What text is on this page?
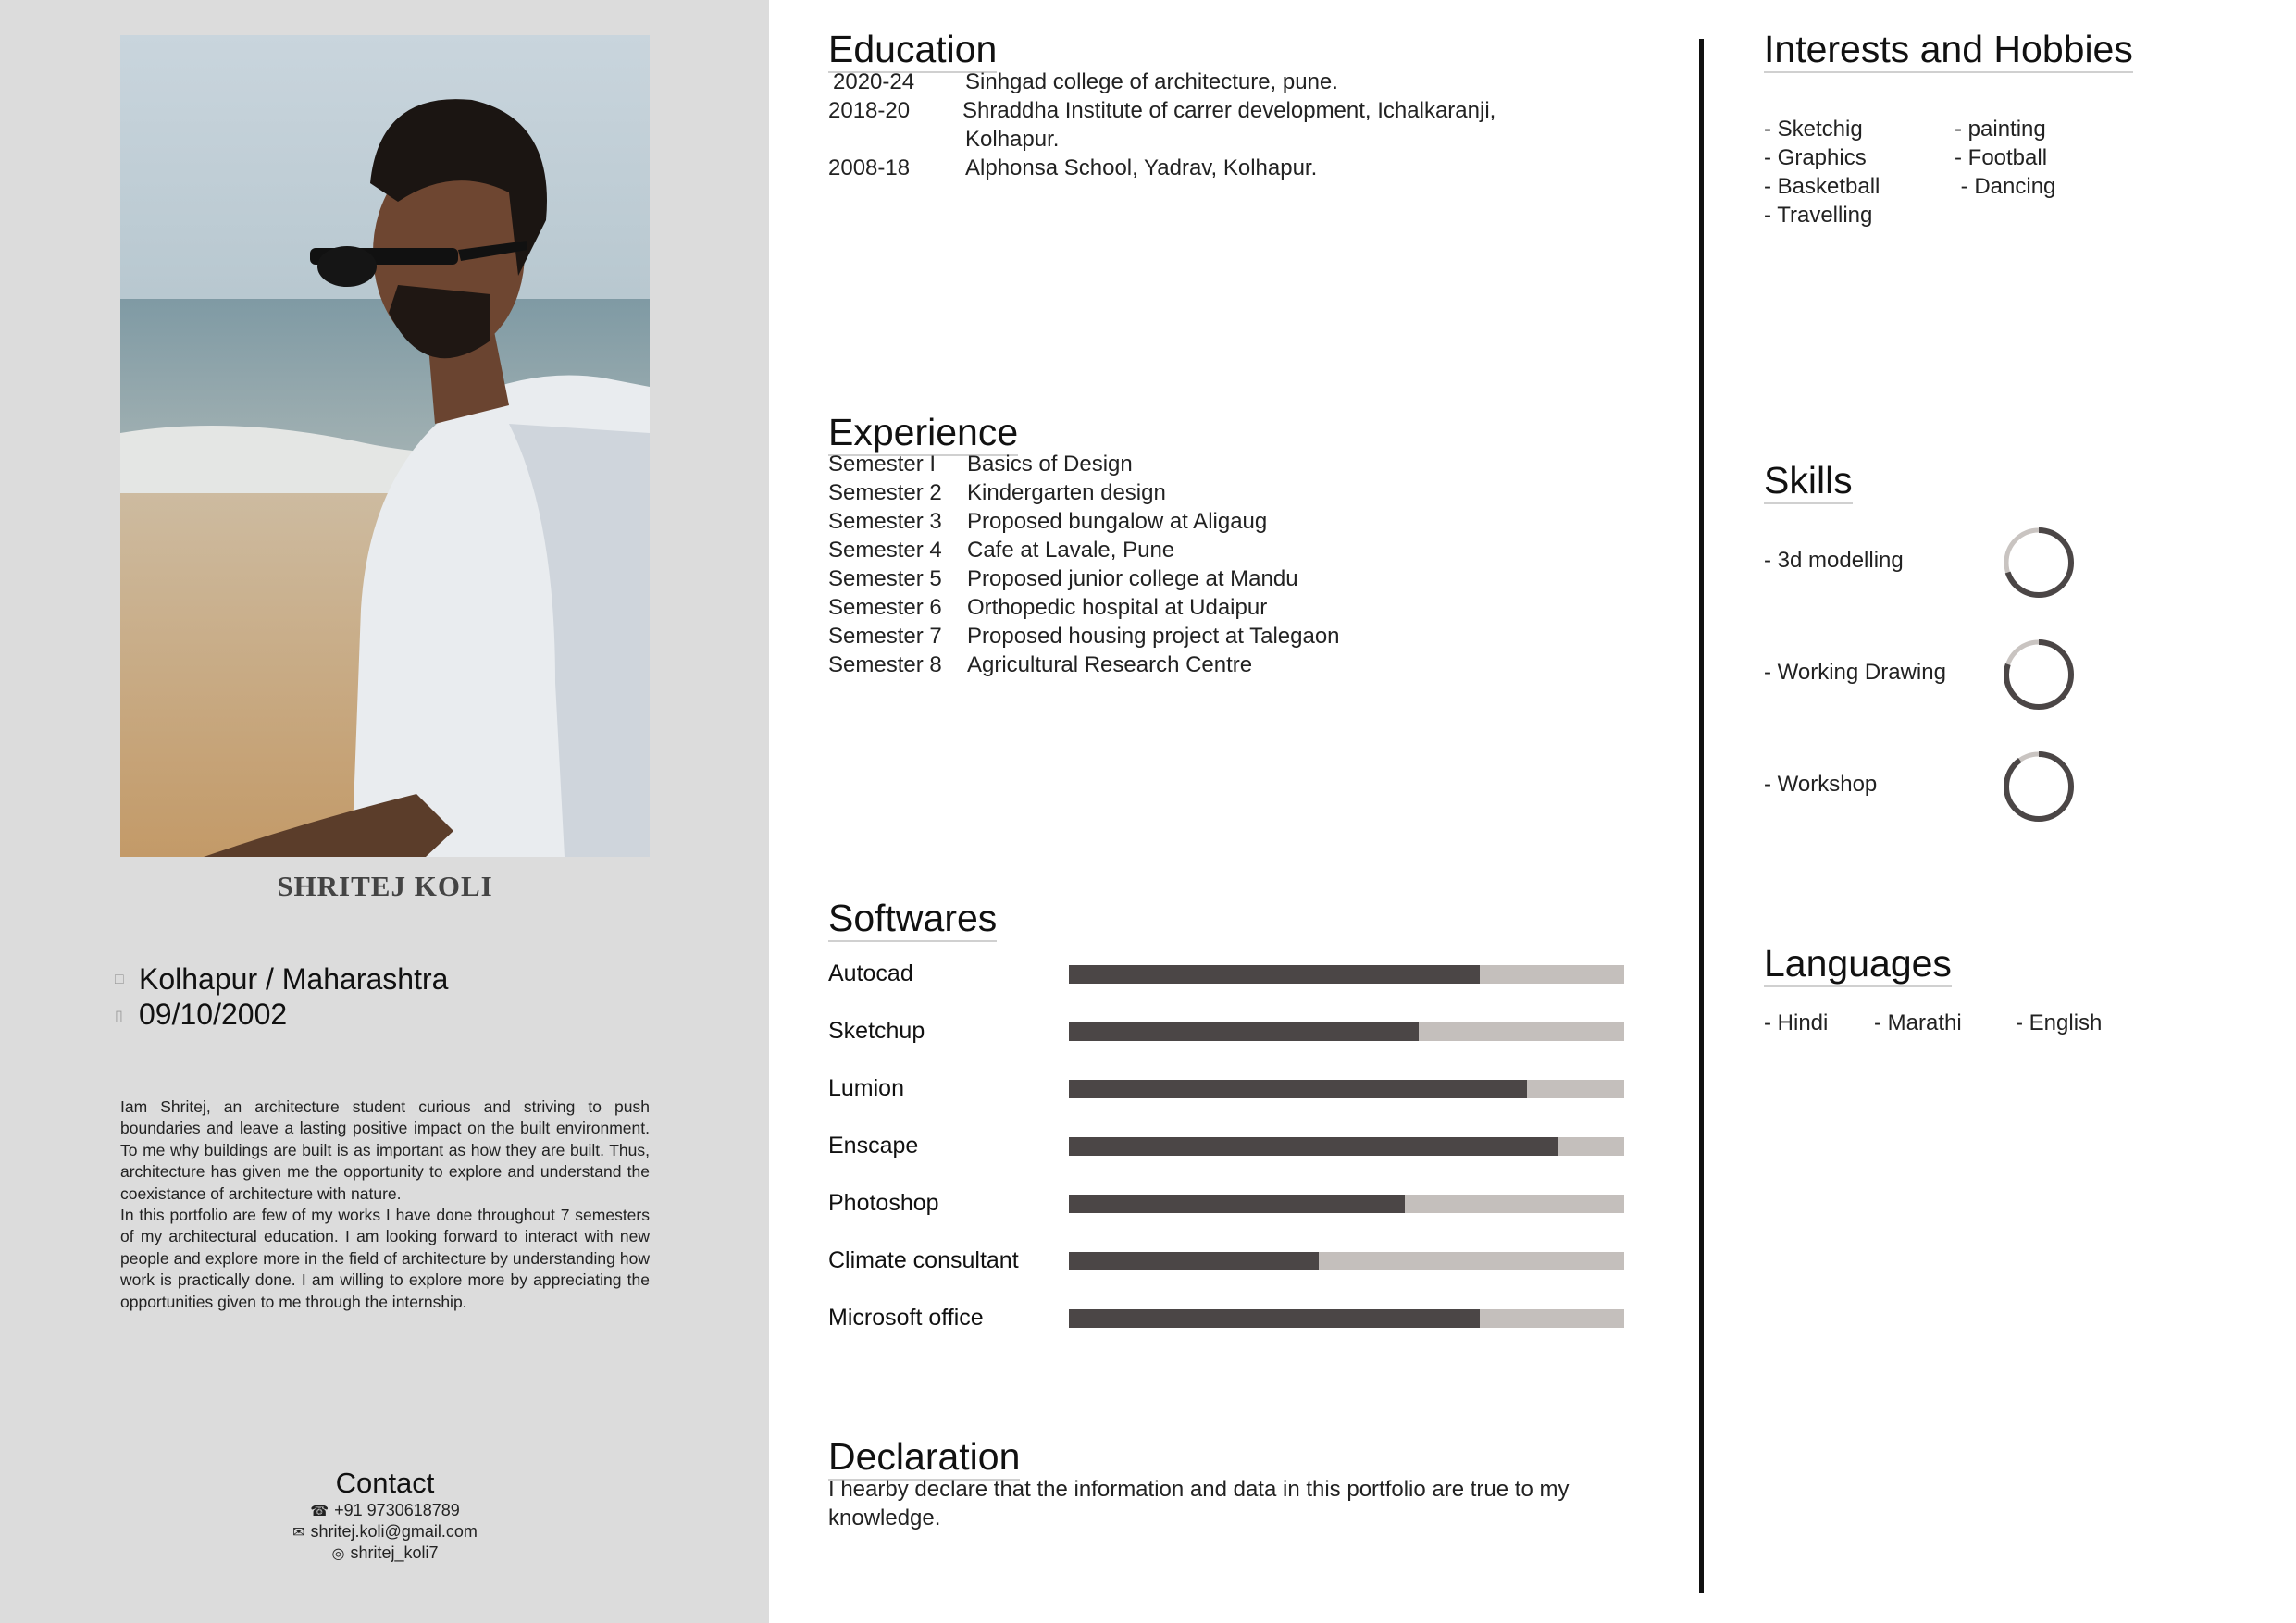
SHRITEJ KOLI
□ Kolhapur / Maharashtra
▯ 09/10/2002

Iam Shritej, an architecture student curious and striving to push boundaries and leave a lasting positive impact on the built environment. To me why buildings are built is as important as how they are built. Thus, architecture has given me the opportunity to explore and understand the coexistance of architecture with nature.

In this portfolio are few of my works I have done throughout 7 semesters of my architectural education. I am looking forward to interact with new people and explore more in the field of architecture by understanding how work is practically done. I am willing to explore more by appreciating the opportunities given to me through the internship.

Contact
☎ +91 9730618789
✉ shritej.koli@gmail.com
◎ shritej_koli7
Education
2020-24 Sinhgad college of architecture, pune.
2018-20 Shraddha Institute of carrer development, Ichalkaranji,
Kolhapur.
2008-18 Alphonsa School, Yadrav, Kolhapur.
Experience
Semester I Basics of Design
Semester 2 Kindergarten design
Semester 3 Proposed bungalow at Aligaug
Semester 4 Cafe at Lavale, Pune
Semester 5 Proposed junior college at Mandu
Semester 6 Orthopedic hospital at Udaipur
Semester 7 Proposed housing project at Talegaon
Semester 8 Agricultural Research Centre
Softwares
Autocad
Sketchup
Lumion
Enscape
Photoshop
Climate consultant
Microsoft office
Declaration
I hearby declare that the information and data in this portfolio are true to my knowledge.
Interests and Hobbies
- Sketchig
- Graphics
- Basketball
- Travelling
- painting
- Football
- Dancing
Skills
- 3d modelling
- Working Drawing
- Workshop
Languages
- Hindi - Marathi - English
